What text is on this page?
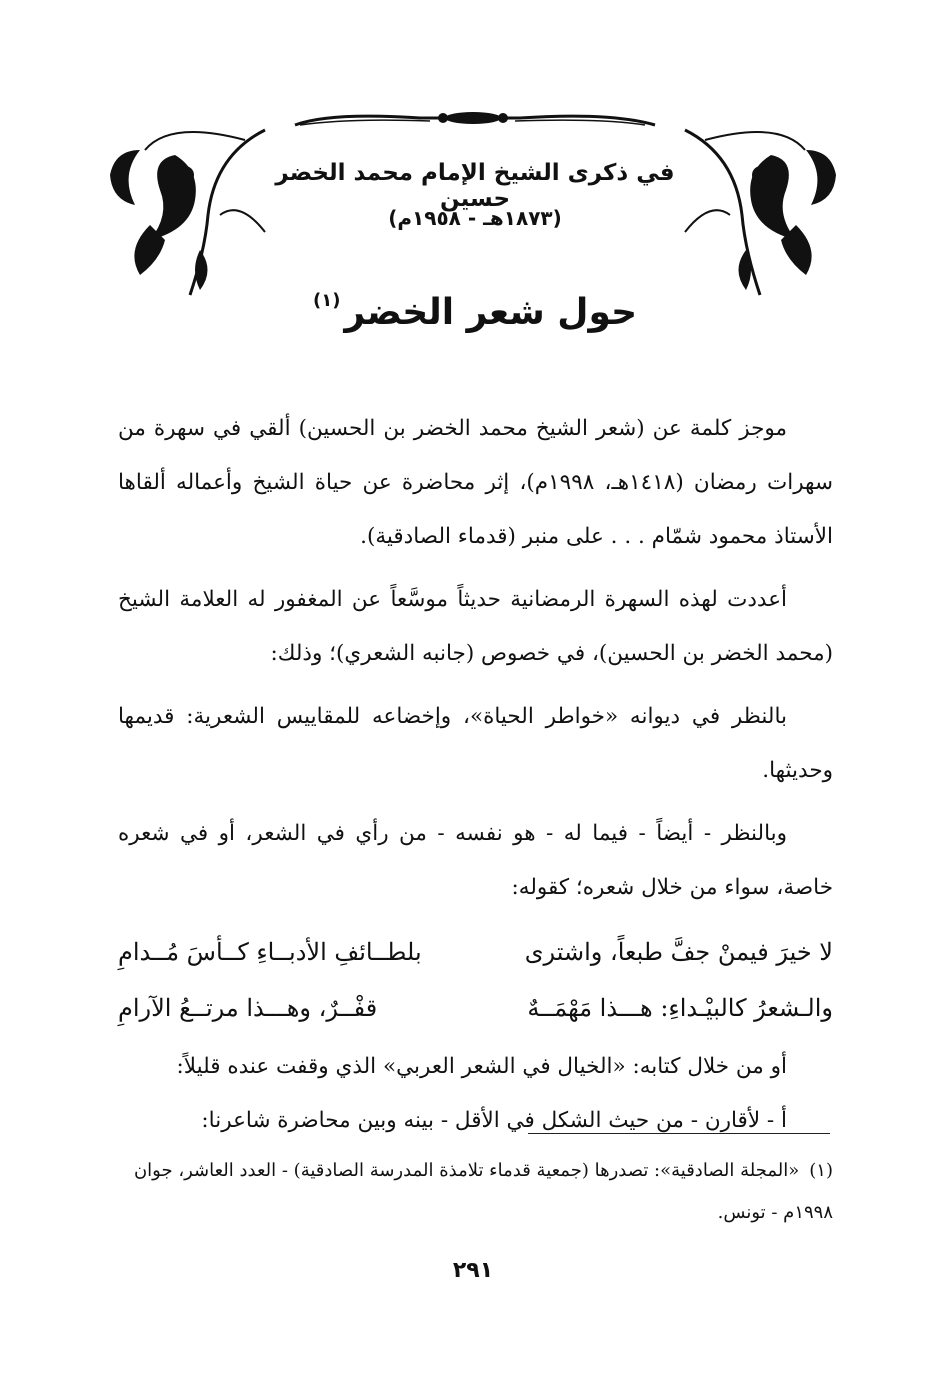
في ذكرى الشيخ الإمام محمد الخضر حسين
(١٨٧٣هـ - ١٩٥٨م)
حول شعر الخضر$^{(١)}$

موجز كلمة عن (شعر الشيخ محمد الخضر بن الحسين) ألقي في سهرة من سهرات رمضان (١٤١٨هـ، ١٩٩٨م)، إثر محاضرة عن حياة الشيخ وأعماله ألقاها الأستاذ محمود شمّام . . . على منبر (قدماء الصادقية).

أعددت لهذه السهرة الرمضانية حديثاً موسَّعاً عن المغفور له العلامة الشيخ (محمد الخضر بن الحسين)، في خصوص (جانبه الشعري)؛ وذلك:

بالنظر في ديوانه «خواطر الحياة»، وإخضاعه للمقاييس الشعرية: قديمها وحديثها.

وبالنظر - أيضاً - فيما له - هو نفسه - من رأي في الشعر، أو في شعره خاصة، سواء من خلال شعره؛ كقوله:

لا خيرَ فيمنْ جفَّ طبعاً، واشترى
بلطــائفِ الأدبــاءِ كــأسَ مُــدامِ
والـشعرُ كالبيْـداءِ: هـــذا مَهْمَــهٌ
قفْــرٌ، وهـــذا مرتــعُ الآرامِ

أو من خلال كتابه: «الخيال في الشعر العربي» الذي وقفت عنده قليلاً:

أ - لأقارن - من حيث الشكل في الأقل - بينه وبين محاضرة شاعرنا:

(١)«المجلة الصادقية»: تصدرها (جمعية قدماء تلامذة المدرسة الصادقية) - العدد العاشر، جوان ١٩٩٨م - تونس.
٢٩١
